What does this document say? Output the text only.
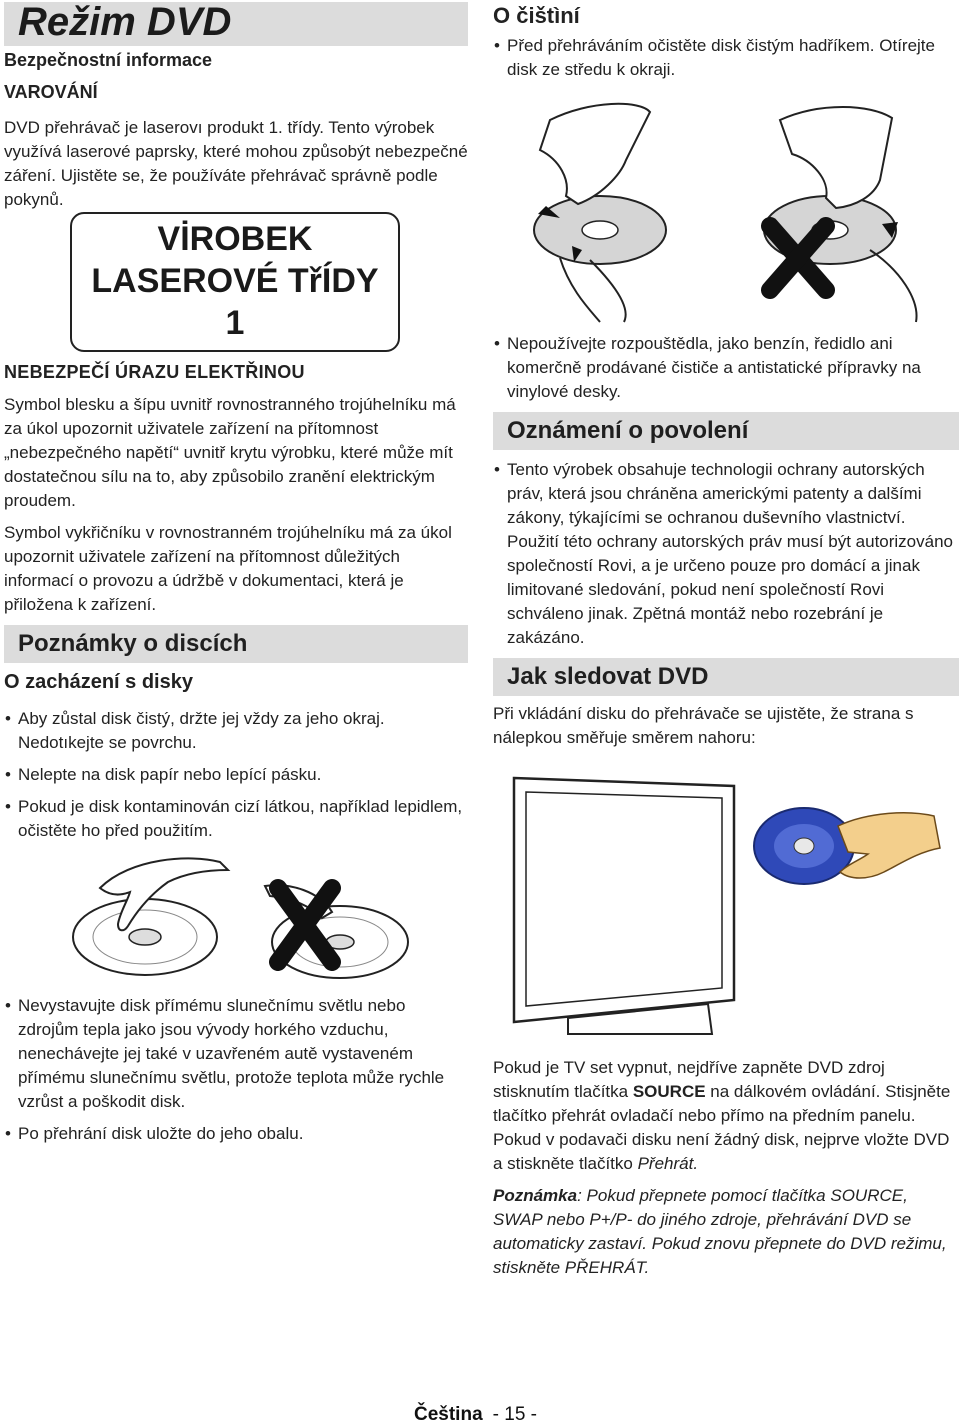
Režim DVD
Bezpečnostní informace
VAROVÁNÍ

DVD přehrávač je laserovı produkt 1. třídy. Tento výrobek využívá laserové paprsky, které mohou způsobýt nebezpečné záření. Ujistěte se, že používáte přehrávač správně podle pokynů.

VİROBEK
LASEROVÉ TřÍDY
1
NEBEZPEČÍ ÚRAZU ELEKTŘINOU

Symbol blesku a šípu uvnitř rovnostranného trojúhelníku má za úkol upozornit uživatele zařízení na přítomnost „nebezpečného napětí“ uvnitř krytu výrobku, které může mít dostatečnou sílu na to, aby způsobilo zranění elektrickým proudem.

Symbol vykřičníku v rovnostranném trojúhelníku má za úkol upozornit uživatele zařízení na přítomnost důležitých informací o provozu a údržbě v dokumentaci, která je přiložena k zařízení.

Poznámky o discích
O zacházení s disky
• Aby zůstal disk čistý, držte jej vždy za jeho okraj. Nedotıkejte se povrchu.
• Nelepte na disk papír nebo lepící pásku.
• Pokud je disk kontaminován cizí látkou, například lepidlem, očistěte ho před použitím.
• Nevystavujte disk přímému slunečnímu světlu nebo zdrojům tepla jako jsou vývody horkého vzduchu, nenechávejte jej také v uzavřeném autě vystaveném přímému slunečnímu světlu, protože teplota může rychle vzrůst a poškodit disk.
• Po přehrání disk uložte do jeho obalu.
O čištìní
• Před přehráváním očistěte disk čistým hadříkem. Otírejte disk ze středu k okraji.
• Nepoužívejte rozpouštědla, jako benzín, ředidlo ani komerčně prodávané čističe a antistatické přípravky na vinylové desky.
Oznámení o povolení
• Tento výrobek obsahuje technologii ochrany autorských práv, která jsou chráněna americkými patenty a dalšími zákony, týkajícími se ochranou duševního vlastnictví. Použití této ochrany autorských práv musí být autorizováno společností Rovi, a je určeno pouze pro domácí a jinak limitované sledování, pokud není společností Rovi schváleno jinak. Zpětná montáž nebo rozebrání je zakázáno.
Jak sledovat DVD

Při vkládání disku do přehrávače se ujistěte, že strana s nálepkou směřuje směrem nahoru:

Pokud je TV set vypnut, nejdříve zapněte DVD zdroj stisknutím tlačítka SOURCE na dálkovém ovládání. Stisjněte tlačítko přehrát ovladačí nebo přímo na předním panelu. Pokud v podavači disku není žádný disk, nejprve vložte DVD a stiskněte tlačítko Přehrát.

Poznámka: Pokud přepnete pomocí tlačítka SOURCE, SWAP nebo P+/P- do jiného zdroje, přehrávání DVD se automaticky zastaví. Pokud znovu přepnete do DVD režimu, stiskněte PŘEHRÁT.

Čeština - 15 -
